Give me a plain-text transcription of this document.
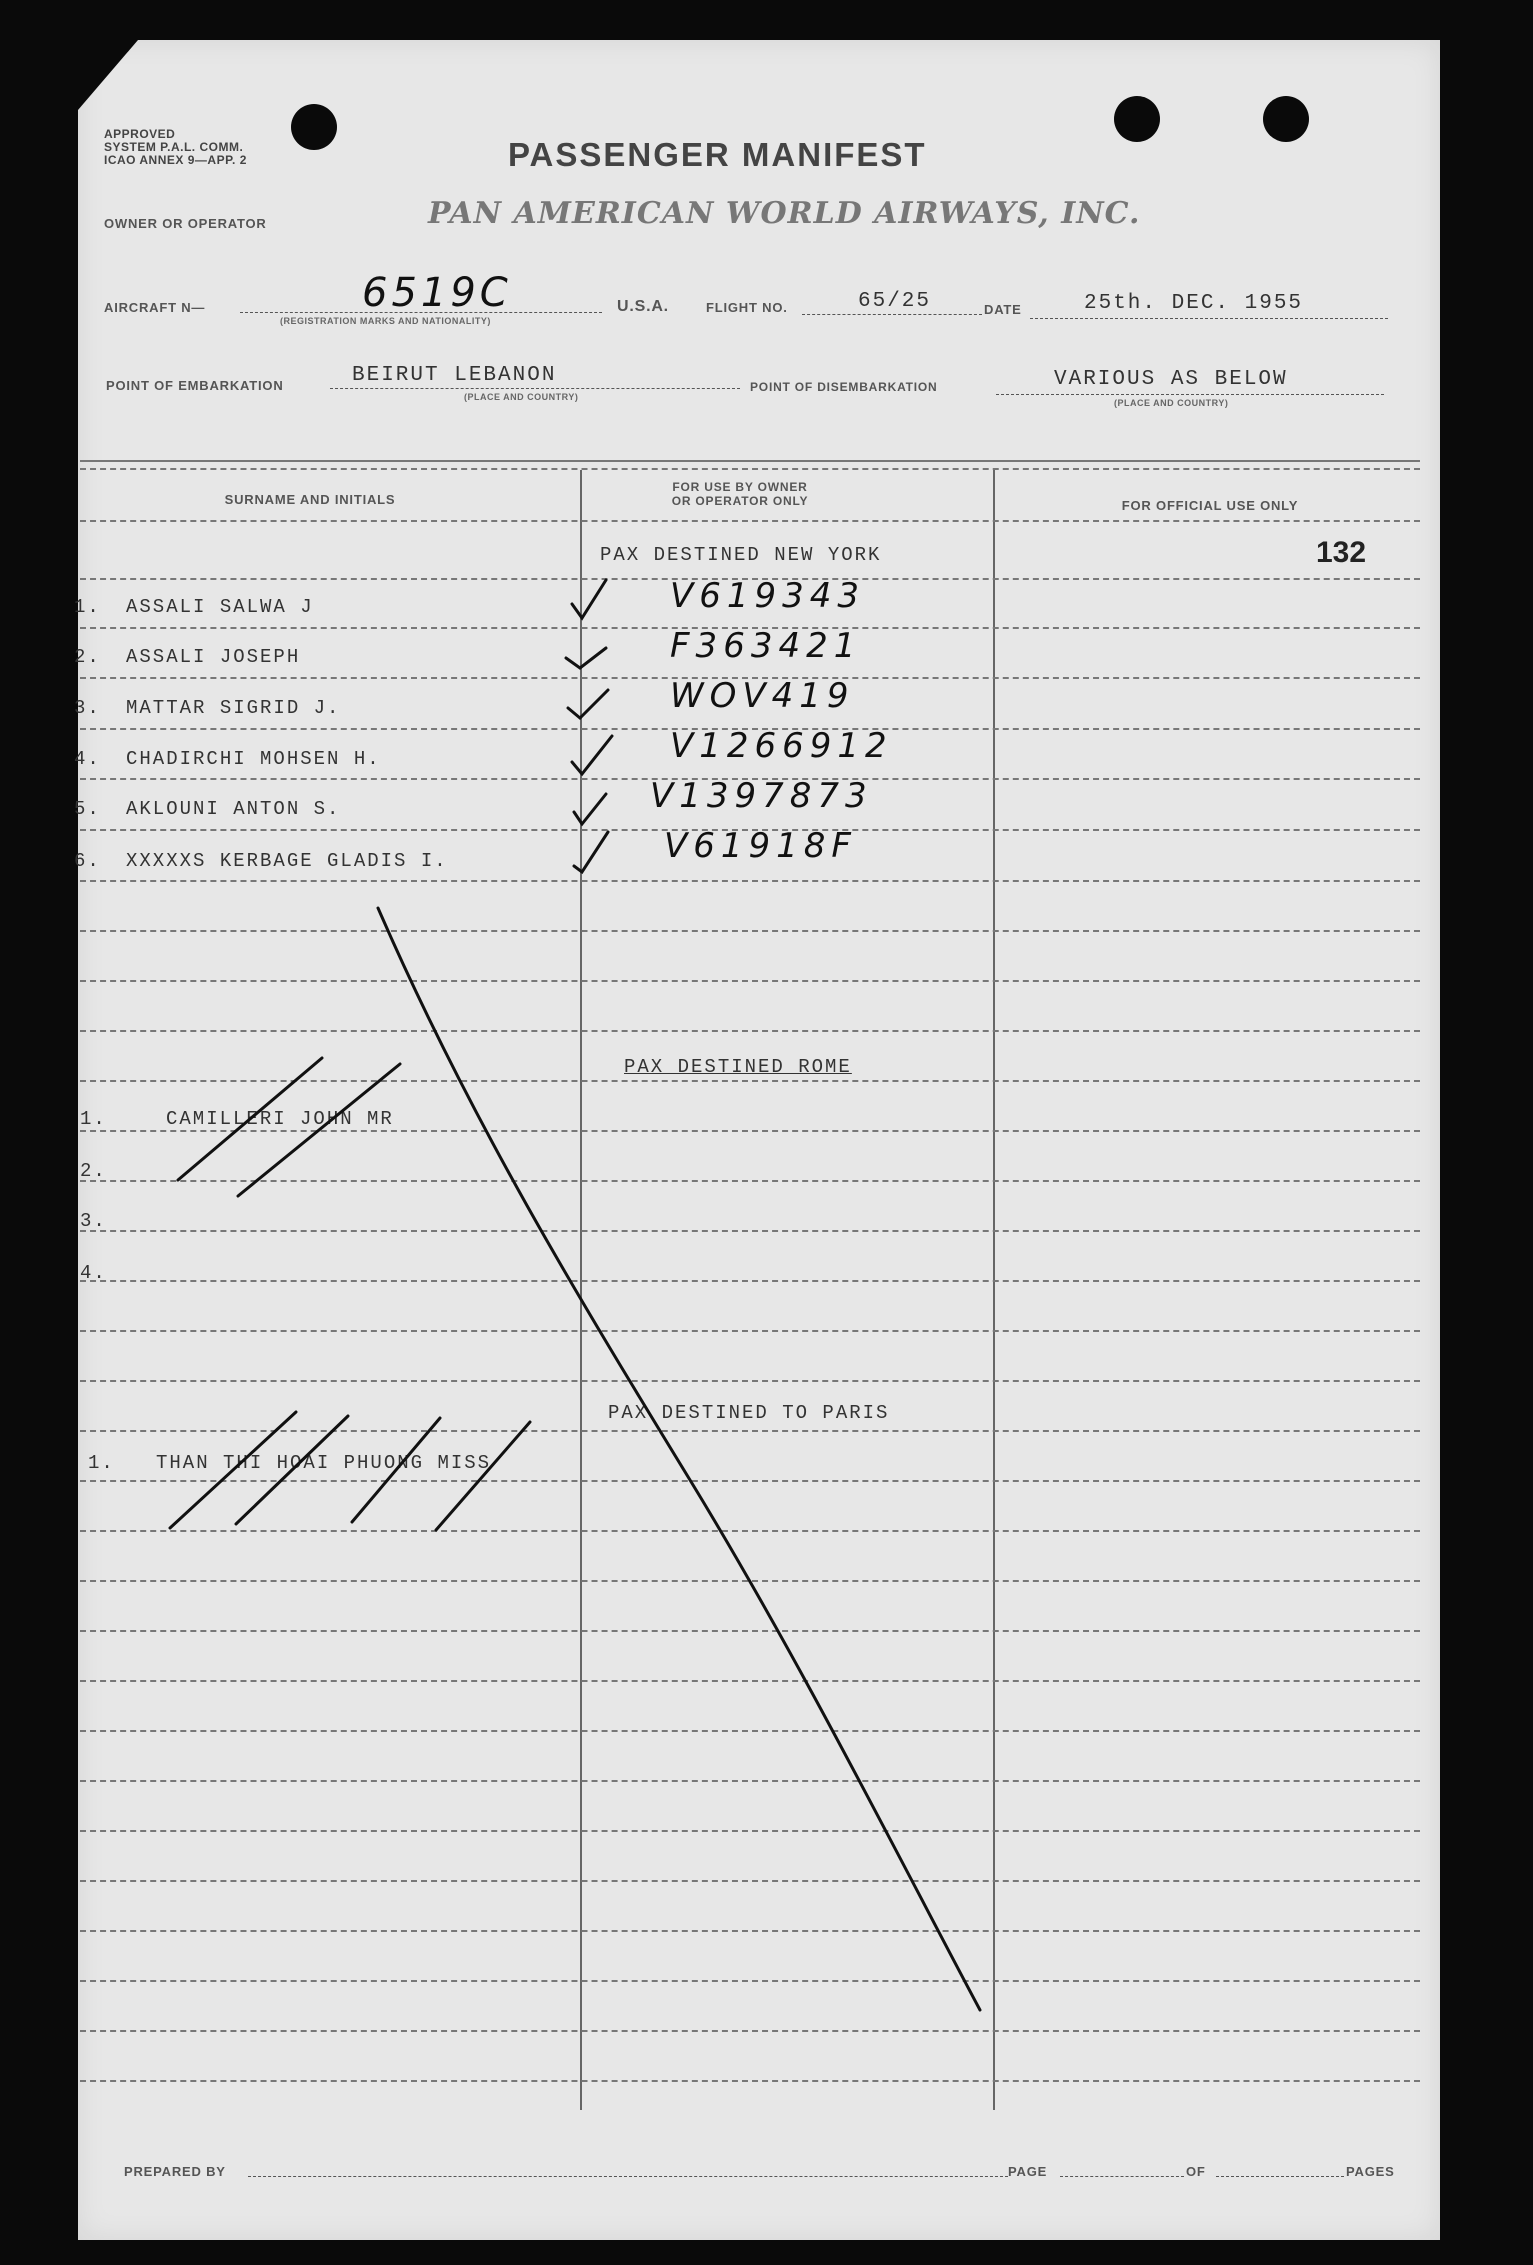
APPROVED
SYSTEM P.A.L. COMM.
ICAO ANNEX 9—APP. 2	PASSENGER MANIFEST
OWNER OR OPERATOR	PAN AMERICAN WORLD AIRWAYS, INC.
AIRCRAFT N—	6519C
(REGISTRATION MARKS AND NATIONALITY)
U.S.A.	FLIGHT NO.	65/25	DATE	25th. DEC. 1955
POINT OF EMBARKATION	BEIRUT LEBANON
(PLACE AND COUNTRY)
POINT OF DISEMBARKATION	VARIOUS AS BELOW
(PLACE AND COUNTRY)
SURNAME AND INITIALS
FOR USE BY OWNER
OR OPERATOR ONLY	FOR OFFICIAL USE ONLY
132
PAX DESTINED NEW YORK
1. ASSALI SALWA J	V619343
2. ASSALI JOSEPH	F363421
3. MATTAR SIGRID J.	WOV419
4. CHADIRCHI MOHSEN H.	V1266912
5. AKLOUNI ANTON S.	V1397873
6. XXXXXS KERBAGE GLADIS I.	V61918F
PAX DESTINED ROME
1.	CAMILLERI JOHN MR
2.
3.
4.
PAX DESTINED TO PARIS
1. THAN THI HOAI PHUONG MISS
PREPARED BY	PAGE	OF	PAGES
